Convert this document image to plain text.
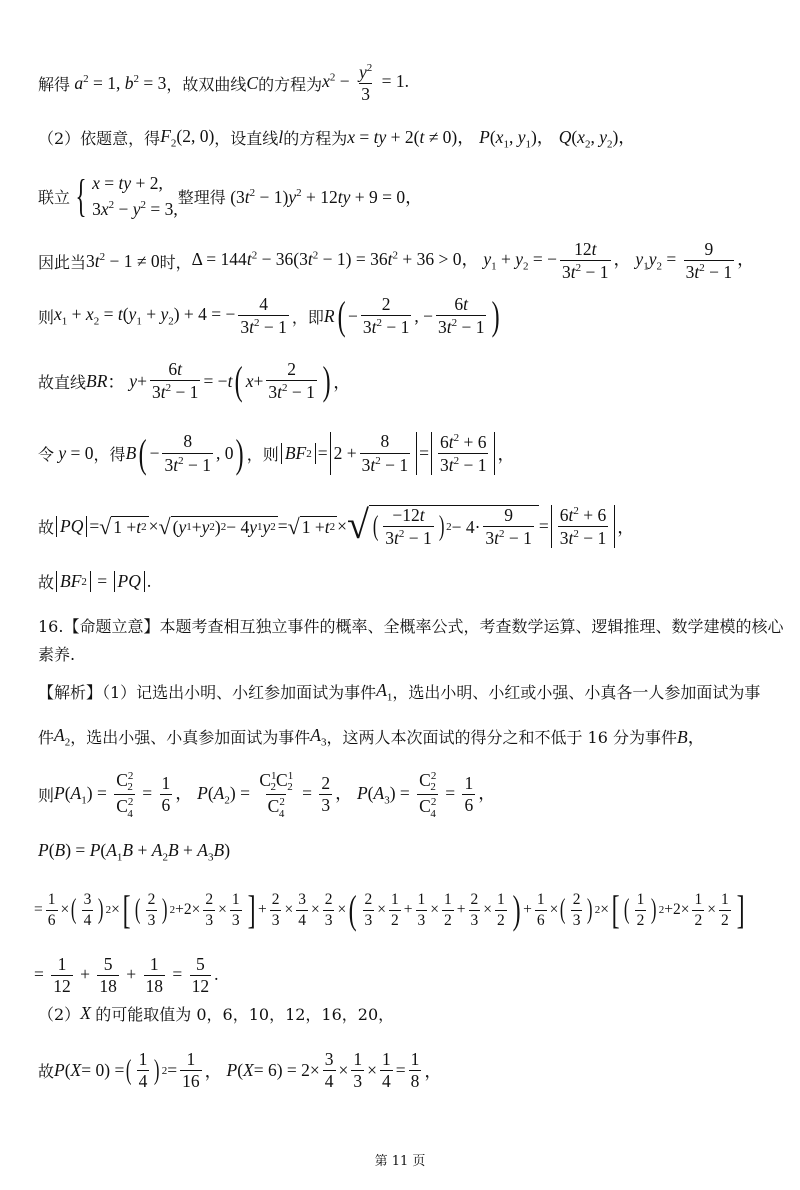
解得 $a^2 = 1$, $b^2 = 3$ ，故双曲线 C 的方程为 $x^2 - \frac{y^2}{3} = 1$.
（2）依题意，得 $F_2(2$, 0) ，设直线 l 的方程为 x = ty + 2(t ≠ 0)， $P(x_1$, $y_1$)， $Q(x_2$, $y_2$)，
联立 { x = ty + 2,
$3x^2 - y^2 = 3$,
整理得 $(3t^2 - 1)y^2 + 12ty + 9 = 0$，
因此当 $3t^2 - 1 \ne 0$ 时， $\Delta = 144t^2 - 36(3t^2 - 1) = 36t^2 + 36 > 0$， $y_1 + y_2$ = − $\frac{12t}{3t^2 - 1}$ ， $y_1y_2 = \frac{9}{3t^2 - 1}$ ，
则 $x_1 + x_2 = t(y_1 + y_2) + 4$ = − $\frac{4}{3t^2 - 1}$ ，即 R ( − $\frac{2}{3t^2 - 1}$ , − $\frac{6t}{3t^2 - 1}$ )
故直线 BR ： $y + \frac{6t}{3t^2 - 1}$ = − t ( $x + \frac{2}{3t^2 - 1}$ ) ，
令 y = 0 ，得 B ( − $\frac{8}{3t^2 - 1}$ , 0 ) ，则 BF $2 = 2 + \frac{8}{3t^2 - 1} = \frac{6t^2 + 6}{3t^2 - 1}$ ，
故 PQ = √ 1 + t 2 × √ ( y 1 + y 2 ) 2 − 4 y 1 y 2 = √ 1 + t 2 × √ ( $\frac{-12t}{3t^2 - 1}$ ) $2 - 4\cdot \frac{9}{3t^2 - 1} = \frac{6t^2 + 6}{3t^2 - 1}$ ，
故 BF 2 = PQ .
16.【命题立意】本题考查相互独立事件的概率、全概率公式，考查数学运算、逻辑推理、数学建模的核心
素养.
【解析】（1）记选出小明、小红参加面试为事件 $A_1$ ，选出小明、小红或小强、小真各一人参加面试为事
件 $A_2$ ，选出小强、小真参加面试为事件 $A_3$ ，这两人本次面试的得分之和不低于 16 分为事件 B，
则 $P(A_1) = \frac{C^2_2}{C^2_4} = \frac{1}{6}$ ， $P(A_2) = \frac{C^1_2C^1_2}{C^2_4} = \frac{2}{3}$ ， $P(A_3) = \frac{C^2_2}{C^2_4} = \frac{1}{6}$ ，
$P(B) = P(A_1B + A_2B + A_3B)$
= $\frac{1}{6}$ × ( $\frac{3}{4}$ ) 2 × [ ( $\frac{2}{3}$ ) $2 +2\times \frac{2}{3} \times \frac{1}{3}$ ] + $\frac{2}{3} \times \frac{3}{4} \times \frac{2}{3}$ × ( $\frac{2}{3} \times \frac{1}{2} + \frac{1}{3} \times \frac{1}{2} + \frac{2}{3} \times \frac{1}{2}$ ) + $\frac{1}{6}$ × ( $\frac{2}{3}$ ) 2 × [ ( $\frac{1}{2}$ ) $2 +2\times \frac{1}{2} \times \frac{1}{2}$ ]
= $\frac{1}{12} + \frac{5}{18} + \frac{1}{18} = \frac{5}{12}$ .
（2） X 的可能取值为 0，6，10，12，16，20，
故 P ( X = 0) = ( $\frac{1}{4}$ ) $2 = \frac{1}{16}$ ， P ( $X = 6) = 2\times \frac{3}{4} \times \frac{1}{3} \times \frac{1}{4} = \frac{1}{8}$ ，
第 11 页
